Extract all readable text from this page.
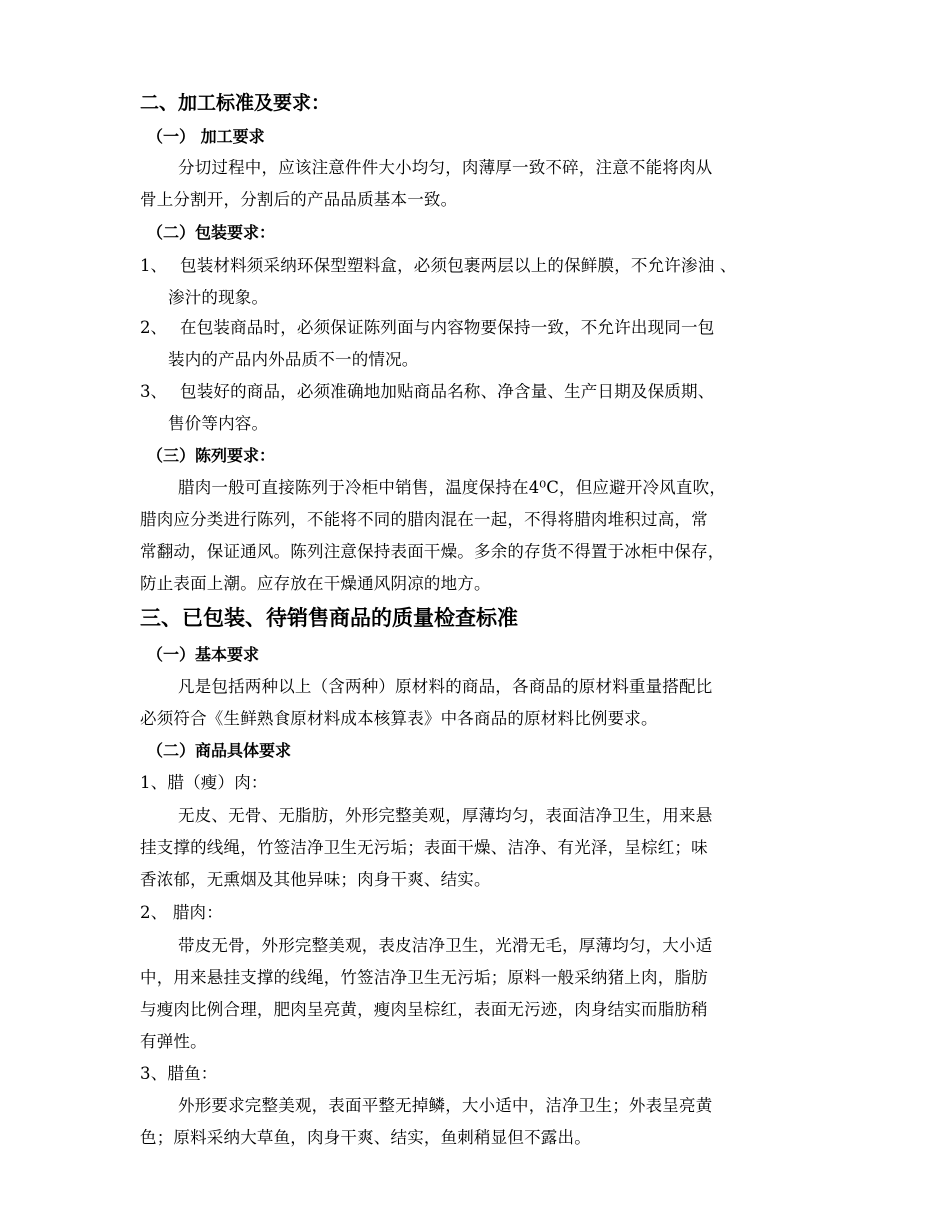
二、加工标准及要求：
（一） 加工要求
分切过程中，应该注意件件大小均匀，肉薄厚一致不碎，注意不能将肉从
骨上分割开，分割后的产品品质基本一致。
（二）包装要求：
1、 包装材料须采纳环保型塑料盒，必须包裹两层以上的保鲜膜，不允许渗油 、
渗汁的现象。
2、 在包装商品时，必须保证陈列面与内容物要保持一致，不允许出现同一包
装内的产品内外品质不一的情况。
3、 包装好的商品，必须准确地加贴商品名称、净含量、生产日期及保质期、
售价等内容。
（三）陈列要求：
腊肉一般可直接陈列于冷柜中销售，温度保持在4⁰C，但应避开冷风直吹，
腊肉应分类进行陈列，不能将不同的腊肉混在一起，不得将腊肉堆积过高，常
常翻动，保证通风。陈列注意保持表面干燥。多余的存货不得置于冰柜中保存，
防止表面上潮。应存放在干燥通风阴凉的地方。
三、已包装、待销售商品的质量检查标准
（一）基本要求
凡是包括两种以上（含两种）原材料的商品，各商品的原材料重量搭配比
必须符合《生鲜熟食原材料成本核算表》中各商品的原材料比例要求。
（二）商品具体要求
1、腊（瘦）肉：
无皮、无骨、无脂肪，外形完整美观，厚薄均匀，表面洁净卫生，用来悬
挂支撑的线绳，竹签洁净卫生无污垢；表面干燥、洁净、有光泽，呈棕红；味
香浓郁，无熏烟及其他异味；肉身干爽、结实。
2、 腊肉：
带皮无骨，外形完整美观，表皮洁净卫生，光滑无毛，厚薄均匀，大小适
中，用来悬挂支撑的线绳，竹签洁净卫生无污垢；原料一般采纳猪上肉，脂肪
与瘦肉比例合理，肥肉呈亮黄，瘦肉呈棕红，表面无污迹，肉身结实而脂肪稍
有弹性。
3、腊鱼：
外形要求完整美观，表面平整无掉鳞，大小适中，洁净卫生；外表呈亮黄
色；原料采纳大草鱼，肉身干爽、结实，鱼刺稍显但不露出。
